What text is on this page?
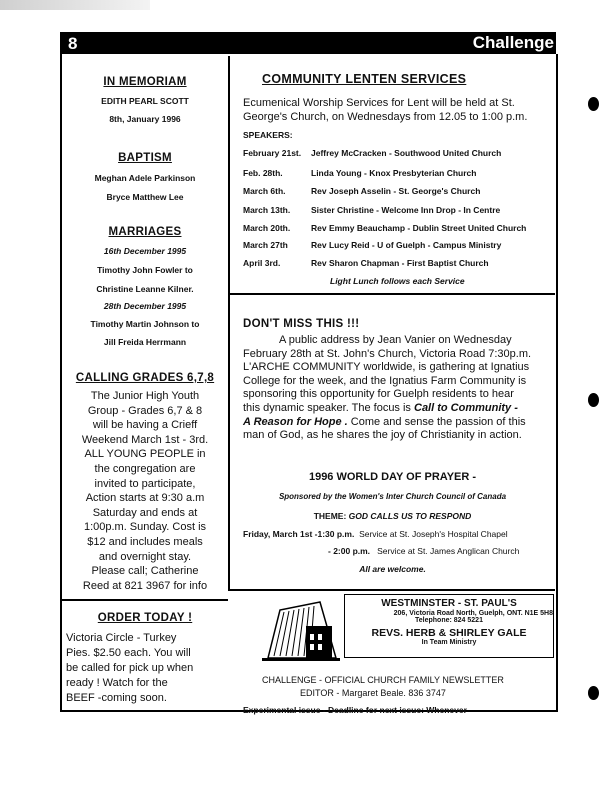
8	Challenge
IN MEMORIAM
EDITH PEARL SCOTT
8th, January 1996
BAPTISM
Meghan Adele Parkinson
Bryce Matthew Lee
MARRIAGES
16th December 1995
Timothy John Fowler to
Christine Leanne Kilner.
28th December 1995
Timothy Martin Johnson to
Jill Freida Herrmann
CALLING GRADES 6,7,8
The Junior High Youth
Group - Grades 6,7 & 8
will be having a Crieff
Weekend March 1st - 3rd.
ALL YOUNG PEOPLE in
the congregation are
invited to participate,
Action starts at 9:30 a.m
Saturday and ends at
1:00p.m. Sunday. Cost is
$12 and includes meals
and overnight stay.
Please call; Catherine
Reed at 821 3967 for info
ORDER TODAY !
Victoria Circle - Turkey
Pies. $2.50 each. You will
be called for pick up when
ready ! Watch for the
BEEF -coming soon.
COMMUNITY LENTEN SERVICES
Ecumenical Worship Services for Lent will be held at St.
George's Church, on Wednesdays from 12.05 to 1:00 p.m.
SPEAKERS:
February 21st. Jeffrey McCracken - Southwood United Church
Feb. 28th.	Linda Young - Knox Presbyterian Church
March 6th.	Rev Joseph Asselin - St. George's Church
March 13th. Sister Christine - Welcome Inn Drop - In Centre
March 20th. Rev Emmy Beauchamp - Dublin Street United Church
March 27th	Rev Lucy Reid - U of Guelph - Campus Ministry
April 3rd.	Rev Sharon Chapman - First Baptist Church
Light Lunch follows each Service
DON'T MISS THIS !!!
A public address by Jean Vanier on Wednesday
February 28th at St. John's Church, Victoria Road 7:30p.m.
L'ARCHE COMMUNITY worldwide, is gathering at Ignatius
College for the week, and the Ignatius Farm Community is
sponsoring this opportunity for Guelph residents to hear
this dynamic speaker. The focus is Call to Community -
A Reason for Hope . Come and sense the passion of this
man of God, as he shares the joy of Christianity in action.
1996 WORLD DAY OF PRAYER -
Sponsored by the Women's Inter Church Council of Canada
THEME: GOD CALLS US TO RESPOND
Friday, March 1st -1:30 p.m. Service at St. Joseph's Hospital Chapel
- 2:00 p.m. Service at St. James Anglican Church
All are welcome.
WESTMINSTER - ST. PAUL'S
206, Victoria Road North, Guelph, ONT. N1E 5H8
Telephone: 824 5221
REVS. HERB & SHIRLEY GALE
In Team Ministry
CHALLENGE - OFFICIAL CHURCH FAMILY NEWSLETTER
EDITOR - Margaret Beale. 836 3747
Experimental issue - Deadline for next issue: Whenever
